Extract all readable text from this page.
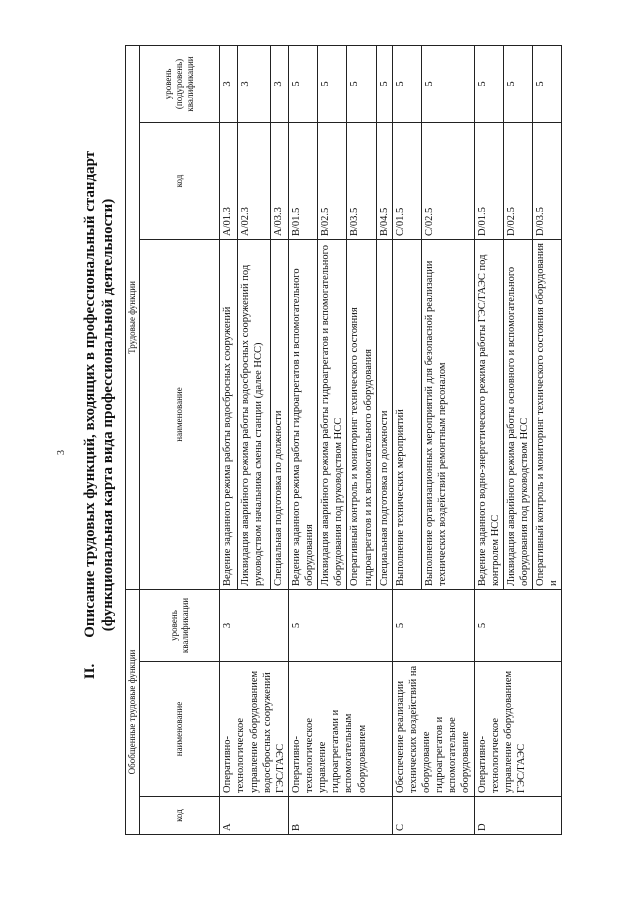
3
II.Описание трудовых функций, входящих в профессиональный стандарт (функциональная карта вида профессиональной деятельности)
Обобщенные трудовые функции			Трудовые функции		
код	наименование	уровень квалификации	наименование	код	уровень (подуровень) квалификации
A	Оперативно-технологическое управление оборудованием водосбросных сооружений ГЭС/ГАЭС	3	Ведение заданного режима работы водосбросных сооружений	A/01.3	3
			Ликвидация аварийного режима работы водосбросных сооружений под руководством начальника смены станции (далее НСС)	A/02.3	3
			Специальная подготовка по должности	A/03.3	3
B	Оперативно-технологическое управление гидроагрегатами и вспомогательным оборудованием	5	Ведение заданного режима работы гидроагрегатов и вспомогательного оборудования	B/01.5	5
			Ликвидация аварийного режима работы гидроагрегатов и вспомогательного оборудования под руководством НСС	B/02.5	5
			Оперативный контроль и мониторинг технического состояния гидроагрегатов и их вспомогательного оборудования	B/03.5	5
			Специальная подготовка по должности	B/04.5	5
C	Обеспечение реализации технических воздействий на оборудование гидроагрегатов и вспомогательное оборудование	5	Выполнение технических мероприятий	C/01.5	5
			Выполнение организационных мероприятий для безопасной реализации технических воздействий ремонтным персоналом	C/02.5	5
D	Оперативно-технологическое управление оборудованием ГЭС/ГАЭС	5	Ведение заданного водно-энергетического режима работы ГЭС/ГАЭС под контролем НСС	D/01.5	5
			Ликвидация аварийного режима работы основного и вспомогательного оборудования под руководством НСС	D/02.5	5
			Оперативный контроль и мониторинг технического состояния оборудования и	D/03.5	5
